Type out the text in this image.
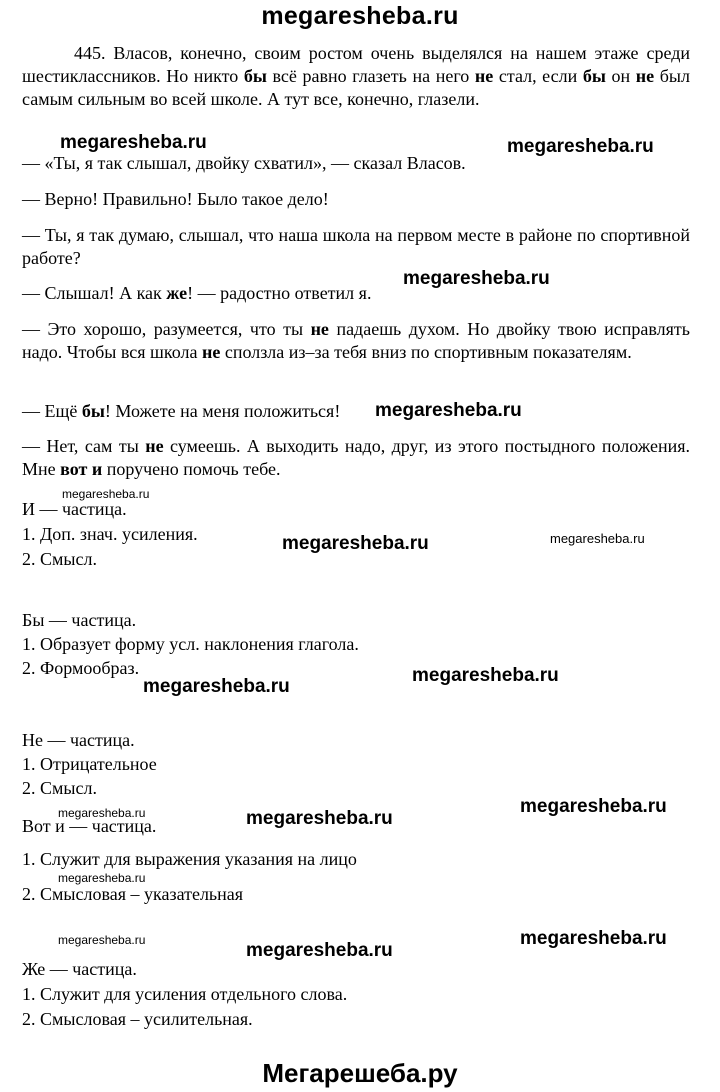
megaresheba.ru
445. Власов, конечно, своим ростом очень выделялся на нашем этаже среди шестиклассников. Но никто бы всё равно глазеть на него не стал, если бы он не был самым сильным во всей школе. А тут все, конечно, глазели.
— «Ты, я так слышал, двойку схватил», — сказал Власов.
— Верно! Правильно! Было такое дело!
— Ты, я так думаю, слышал, что наша школа на первом месте в районе по спортивной работе?
— Слышал! А как же! — радостно ответил я.
— Это хорошо, разумеется, что ты не падаешь духом. Но двойку твою исправлять надо. Чтобы вся школа не сползла из–за тебя вниз по спортивным показателям.
— Ещё бы! Можете на меня положиться!
— Нет, сам ты не сумеешь. А выходить надо, друг, из этого постыдного положения. Мне вот и поручено помочь тебе.
И — частица.
1. Доп. знач. усиления.
2. Смысл.
Бы — частица.
1. Образует форму усл. наклонения глагола.
2. Формообраз.
Не — частица.
1. Отрицательное
2. Смысл.
Вот и — частица.
1. Служит для выражения указания на лицо
2. Смысловая – указательная
Же — частица.
1. Служит для усиления отдельного слова.
2. Смысловая – усилительная.
megaresheba.ru	megaresheba.ru
megaresheba.ru
megaresheba.ru
megaresheba.ru
megaresheba.ru	megaresheba.ru
megaresheba.ru
megaresheba.ru
megaresheba.ru
megaresheba.ru
megaresheba.ru
megaresheba.ru
megaresheba.ru	megaresheba.ru
megaresheba.ru
Мегарешеба.ру
